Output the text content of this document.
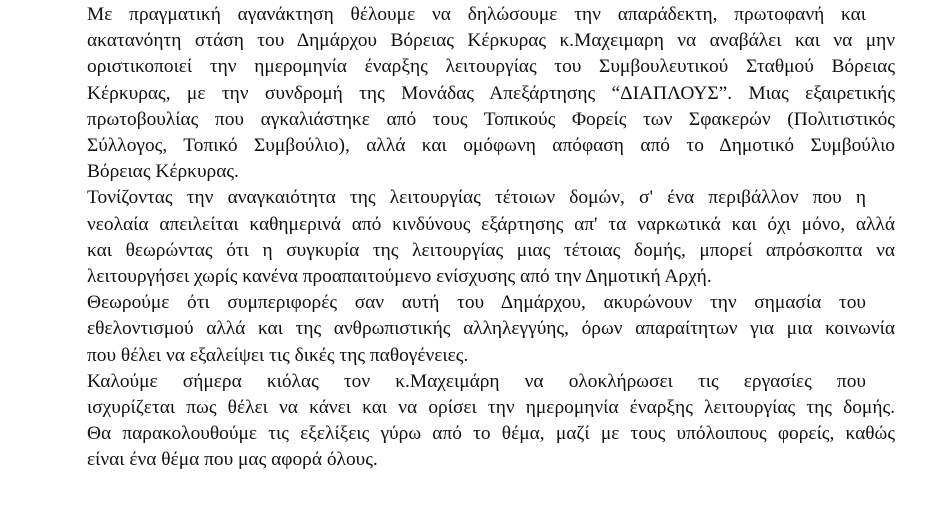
Με πραγματική αγανάκτηση θέλουμε να δηλώσουμε την απαράδεκτη, πρωτοφανή και
ακατανόητη στάση του Δημάρχου Βόρειας Κέρκυρας κ.Μαχειμαρη να αναβάλει και να μην
οριστικοποιεί την ημερομηνία έναρξης λειτουργίας του Συμβουλευτικού Σταθμού Βόρειας
Κέρκυρας, με την συνδρομή της Μονάδας Απεξάρτησης “ΔΙΑΠΛΟΥΣ”. Μιας εξαιρετικής
πρωτοβουλίας που αγκαλιάστηκε από τους Τοπικούς Φορείς των Σφακερών (Πολιτιστικός
Σύλλογος, Τοπικό Συμβούλιο), αλλά και ομόφωνη απόφαση από το Δημοτικό Συμβούλιο
Βόρειας Κέρκυρας.

Τονίζοντας την αναγκαιότητα της λειτουργίας τέτοιων δομών, σ' ένα περιβάλλον που η
νεολαία απειλείται καθημερινά από κινδύνους εξάρτησης απ' τα ναρκωτικά και όχι μόνο, αλλά
και θεωρώντας ότι η συγκυρία της λειτουργίας μιας τέτοιας δομής, μπορεί απρόσκοπτα να
λειτουργήσει χωρίς κανένα προαπαιτούμενο ενίσχυσης από την Δημοτική Αρχή.

Θεωρούμε ότι συμπεριφορές σαν αυτή του Δημάρχου, ακυρώνουν την σημασία του
εθελοντισμού αλλά και της ανθρωπιστικής αλληλεγγύης, όρων απαραίτητων για μια κοινωνία
που θέλει να εξαλείψει τις δικές της παθογένειες.

Καλούμε σήμερα κιόλας τον κ.Μαχειμάρη να ολοκλήρωσει τις εργασίες που
ισχυρίζεται πως θέλει να κάνει και να ορίσει την ημερομηνία έναρξης λειτουργίας της δομής.
Θα παρακολουθούμε τις εξελίξεις γύρω από το θέμα, μαζί με τους υπόλοιπους φορείς, καθώς
είναι ένα θέμα που μας αφορά όλους.
